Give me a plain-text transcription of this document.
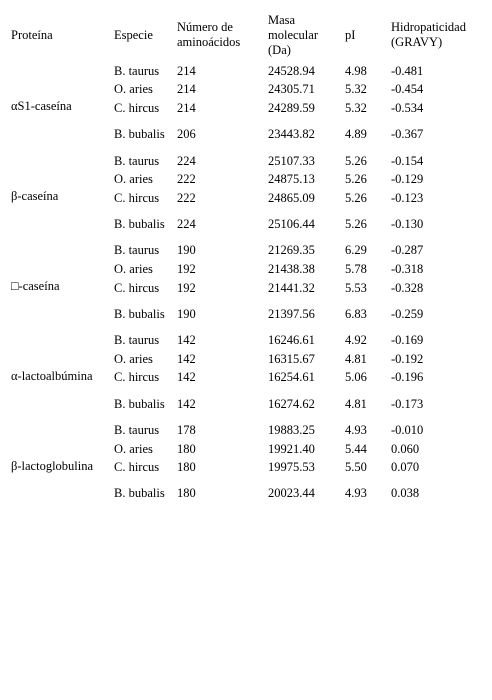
Proteína	Especie	Número de aminoácidos	Masa molecular (Da)	pI	Hidropaticidad (GRAVY)
αS1-caseína	B. taurus	214	24528.94	4.98	-0.481
	O. aries	214	24305.71	5.32	-0.454
	C. hircus	214	24289.59	5.32	-0.534
	B. bubalis	206	23443.82	4.89	-0.367
β-caseína	B. taurus	224	25107.33	5.26	-0.154
	O. aries	222	24875.13	5.26	-0.129
	C. hircus	222	24865.09	5.26	-0.123
	B. bubalis	224	25106.44	5.26	-0.130
□-caseína	B. taurus	190	21269.35	6.29	-0.287
	O. aries	192	21438.38	5.78	-0.318
	C. hircus	192	21441.32	5.53	-0.328
	B. bubalis	190	21397.56	6.83	-0.259
α-lactoalbúmina	B. taurus	142	16246.61	4.92	-0.169
	O. aries	142	16315.67	4.81	-0.192
	C. hircus	142	16254.61	5.06	-0.196
	B. bubalis	142	16274.62	4.81	-0.173
β-lactoglobulina	B. taurus	178	19883.25	4.93	-0.010
	O. aries	180	19921.40	5.44	0.060
	C. hircus	180	19975.53	5.50	0.070
	B. bubalis	180	20023.44	4.93	0.038
